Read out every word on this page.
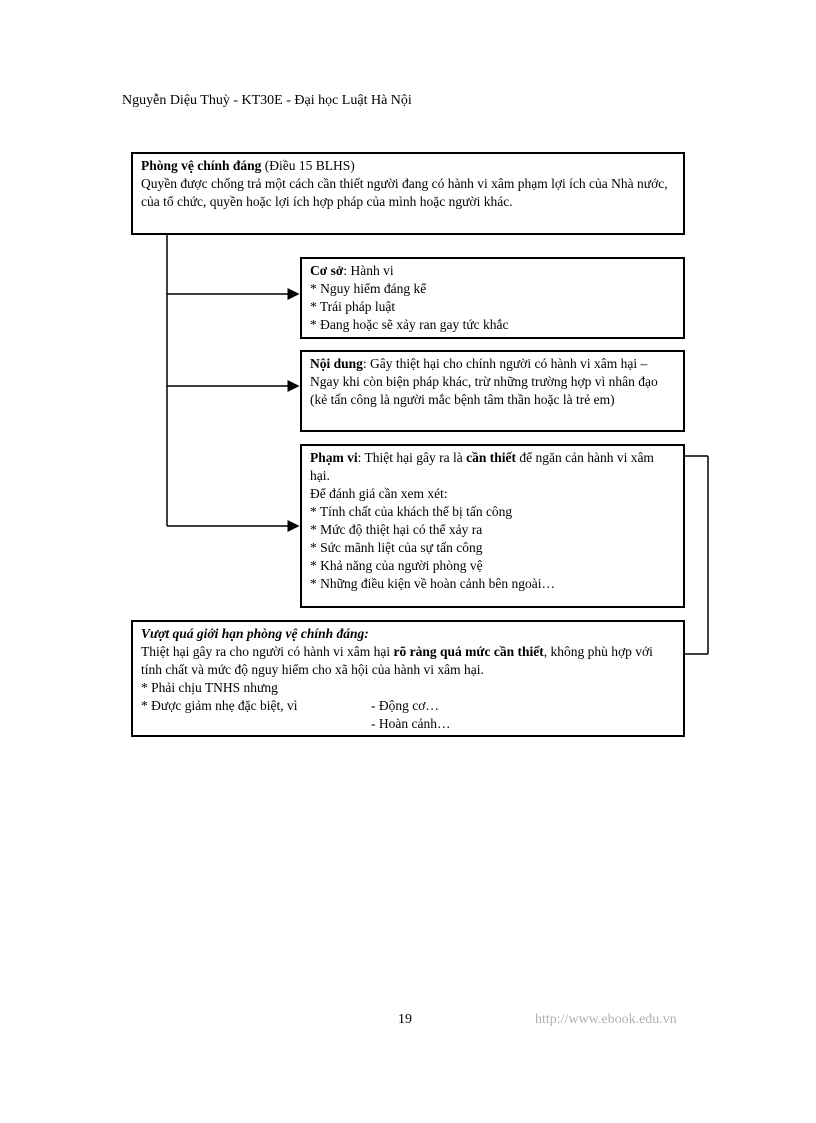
Nguyễn Diệu Thuỳ - KT30E - Đại học Luật Hà Nội

Phòng vệ chính đáng (Điều 15 BLHS)

Quyền được chống trả một cách cần thiết người đang có hành vi xâm phạm lợi ích của Nhà nước, của tổ chức, quyền hoặc lợi ích hợp pháp của mình hoặc người khác.

Cơ sở: Hành vi

* Nguy hiểm đáng kể

* Trái pháp luật

* Đang hoặc sẽ xảy ran gay tức khắc

Nội dung: Gây thiệt hại cho chính người có hành vi xâm hại – Ngay khi còn biện pháp khác, trừ những trường hợp vì nhân đạo (kẻ tấn công là người mắc bệnh tâm thần hoặc là trẻ em)

Phạm vi: Thiệt hại gây ra là cần thiết để ngăn cản hành vi xâm hại.

Để đánh giá cần xem xét:

* Tính chất của khách thể bị tấn công

* Mức độ thiệt hại có thể xảy ra

* Sức mãnh liệt của sự tấn công

* Khả năng của người phòng vệ

* Những điều kiện về hoàn cảnh bên ngoài…

Vượt quá giới hạn phòng vệ chính đáng:

Thiệt hại gây ra cho người có hành vi xâm hại rõ ràng quá mức cần thiết, không phù hợp với tính chất và mức độ nguy hiểm cho xã hội của hành vi xâm hại.

* Phải chịu TNHS nhưng

* Được giảm nhẹ đặc biệt, vì	- Động cơ…
- Hoàn cảnh…
19	http://www.ebook.edu.vn
